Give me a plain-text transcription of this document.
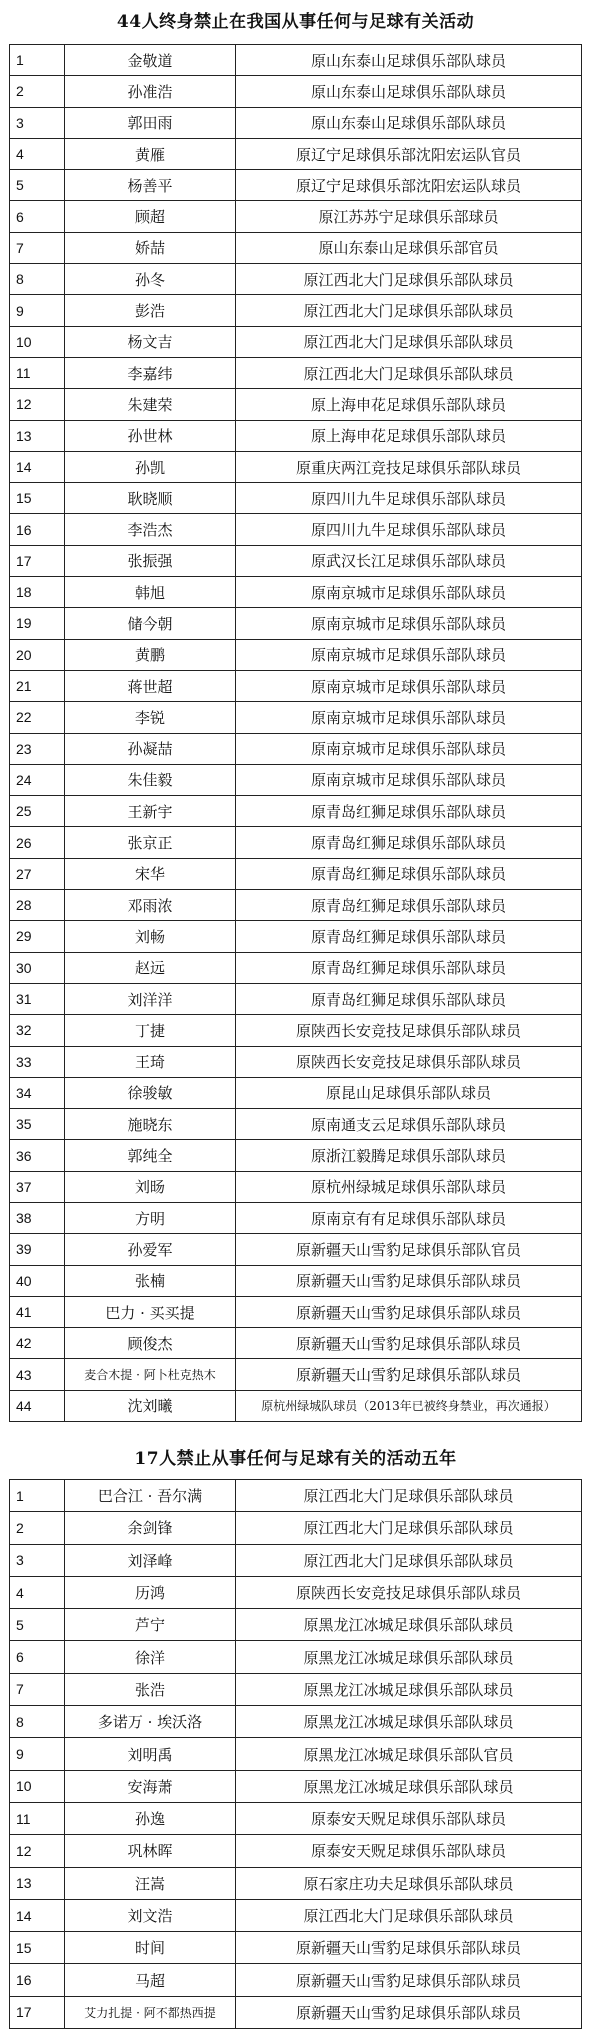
44人终身禁止在我国从事任何与足球有关活动
1	金敬道	原山东泰山足球俱乐部队球员
2	孙准浩	原山东泰山足球俱乐部队球员
3	郭田雨	原山东泰山足球俱乐部队球员
4	黄雁	原辽宁足球俱乐部沈阳宏运队官员
5	杨善平	原辽宁足球俱乐部沈阳宏运队球员
6	顾超	原江苏苏宁足球俱乐部球员
7	娇喆	原山东泰山足球俱乐部官员
8	孙冬	原江西北大门足球俱乐部队球员
9	彭浩	原江西北大门足球俱乐部队球员
10	杨文吉	原江西北大门足球俱乐部队球员
11	李嘉纬	原江西北大门足球俱乐部队球员
12	朱建荣	原上海申花足球俱乐部队球员
13	孙世林	原上海申花足球俱乐部队球员
14	孙凯	原重庆两江竞技足球俱乐部队球员
15	耿晓顺	原四川九牛足球俱乐部队球员
16	李浩杰	原四川九牛足球俱乐部队球员
17	张振强	原武汉长江足球俱乐部队球员
18	韩旭	原南京城市足球俱乐部队球员
19	储今朝	原南京城市足球俱乐部队球员
20	黄鹏	原南京城市足球俱乐部队球员
21	蒋世超	原南京城市足球俱乐部队球员
22	李锐	原南京城市足球俱乐部队球员
23	孙凝喆	原南京城市足球俱乐部队球员
24	朱佳毅	原南京城市足球俱乐部队球员
25	王新宇	原青岛红狮足球俱乐部队球员
26	张京正	原青岛红狮足球俱乐部队球员
27	宋华	原青岛红狮足球俱乐部队球员
28	邓雨浓	原青岛红狮足球俱乐部队球员
29	刘畅	原青岛红狮足球俱乐部队球员
30	赵远	原青岛红狮足球俱乐部队球员
31	刘洋洋	原青岛红狮足球俱乐部队球员
32	丁捷	原陕西长安竞技足球俱乐部队球员
33	王琦	原陕西长安竞技足球俱乐部队球员
34	徐骏敏	原昆山足球俱乐部队球员
35	施晓东	原南通支云足球俱乐部队球员
36	郭纯全	原浙江毅腾足球俱乐部队球员
37	刘旸	原杭州绿城足球俱乐部队球员
38	方明	原南京有有足球俱乐部队球员
39	孙爱军	原新疆天山雪豹足球俱乐部队官员
40	张楠	原新疆天山雪豹足球俱乐部队球员
41	巴力 · 买买提	原新疆天山雪豹足球俱乐部队球员
42	顾俊杰	原新疆天山雪豹足球俱乐部队球员
43	麦合木提 · 阿卜杜克热木	原新疆天山雪豹足球俱乐部队球员
44	沈刘曦	原杭州绿城队球员（2013年已被终身禁业，再次通报）
17人禁止从事任何与足球有关的活动五年
1	巴合江 · 吾尔满	原江西北大门足球俱乐部队球员
2	余剑锋	原江西北大门足球俱乐部队球员
3	刘泽峰	原江西北大门足球俱乐部队球员
4	历鸿	原陕西长安竞技足球俱乐部队球员
5	芦宁	原黑龙江冰城足球俱乐部队球员
6	徐洋	原黑龙江冰城足球俱乐部队球员
7	张浩	原黑龙江冰城足球俱乐部队球员
8	多诺万 · 埃沃洛	原黑龙江冰城足球俱乐部队球员
9	刘明禹	原黑龙江冰城足球俱乐部队官员
10	安海萧	原黑龙江冰城足球俱乐部队球员
11	孙逸	原泰安天贶足球俱乐部队球员
12	巩林晖	原泰安天贶足球俱乐部队球员
13	汪嵩	原石家庄功夫足球俱乐部队球员
14	刘文浩	原江西北大门足球俱乐部队球员
15	时间	原新疆天山雪豹足球俱乐部队球员
16	马超	原新疆天山雪豹足球俱乐部队球员
17	艾力扎提 · 阿不都热西提	原新疆天山雪豹足球俱乐部队球员
